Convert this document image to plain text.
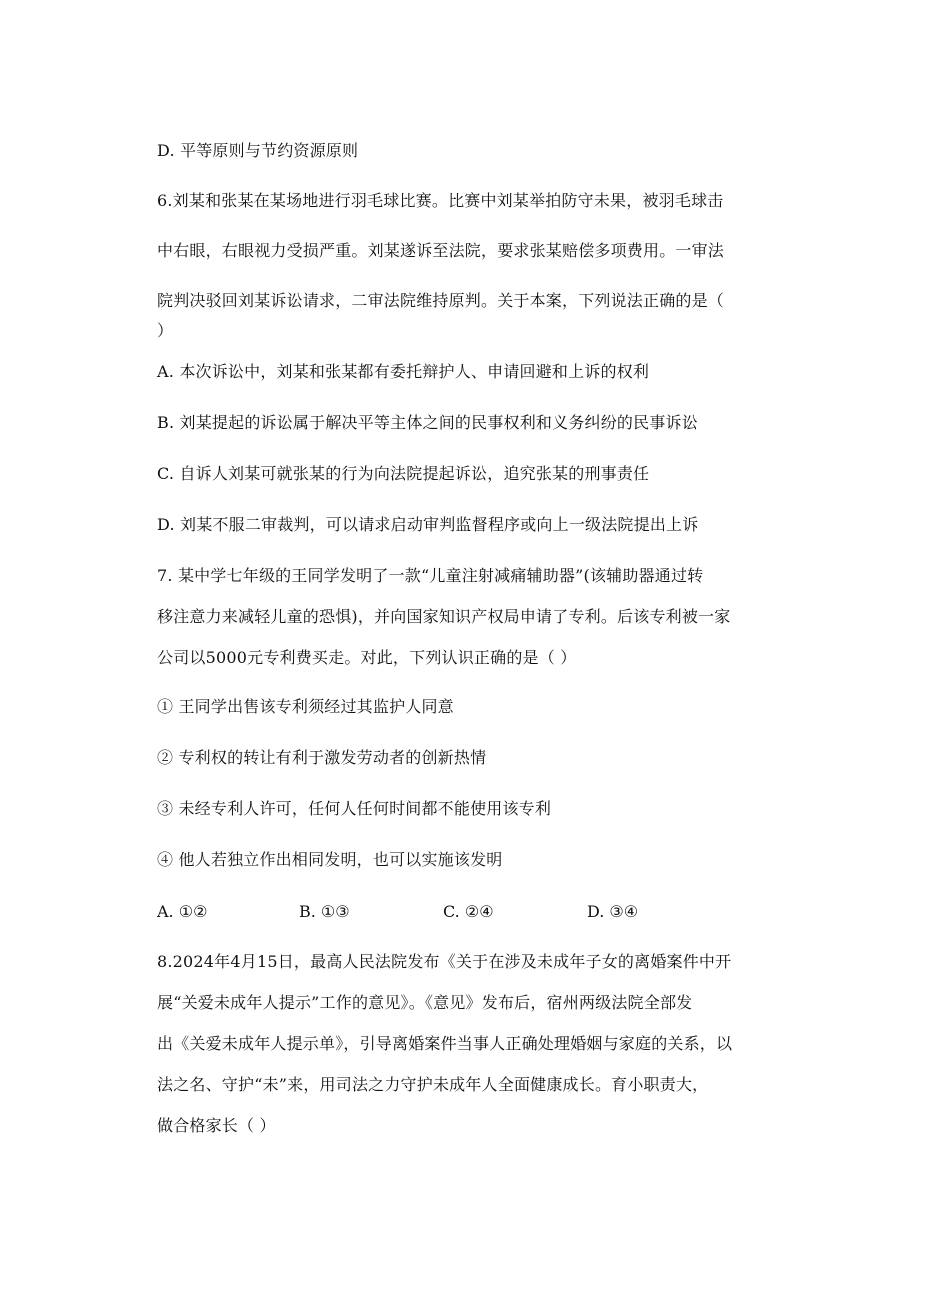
D. 平等原则与节约资源原则
6.刘某和张某在某场地进行羽毛球比赛。比赛中刘某举拍防守未果，被羽毛球击
中右眼，右眼视力受损严重。刘某遂诉至法院，要求张某赔偿多项费用。一审法
院判决驳回刘某诉讼请求，二审法院维持原判。关于本案，下列说法正确的是（
）
A. 本次诉讼中，刘某和张某都有委托辩护人、申请回避和上诉的权利
B. 刘某提起的诉讼属于解决平等主体之间的民事权利和义务纠纷的民事诉讼
C. 自诉人刘某可就张某的行为向法院提起诉讼，追究张某的刑事责任
D. 刘某不服二审裁判，可以请求启动审判监督程序或向上一级法院提出上诉
7. 某中学七年级的王同学发明了一款“儿童注射减痛辅助器”(该辅助器通过转
移注意力来减轻儿童的恐惧)，并向国家知识产权局申请了专利。后该专利被一家
公司以5000元专利费买走。对此，下列认识正确的是（ ）
① 王同学出售该专利须经过其监护人同意
② 专利权的转让有利于激发劳动者的创新热情
③ 未经专利人许可，任何人任何时间都不能使用该专利
④ 他人若独立作出相同发明，也可以实施该发明
A. ①②	B. ①③	C. ②④	D. ③④
8.2024年4月15日，最高人民法院发布《关于在涉及未成年子女的离婚案件中开
展“关爱未成年人提示”工作的意见》。《意见》发布后，宿州两级法院全部发
出《关爱未成年人提示单》，引导离婚案件当事人正确处理婚姻与家庭的关系，以
法之名、守护“未”来，用司法之力守护未成年人全面健康成长。育小职责大，
做合格家长（ ）
